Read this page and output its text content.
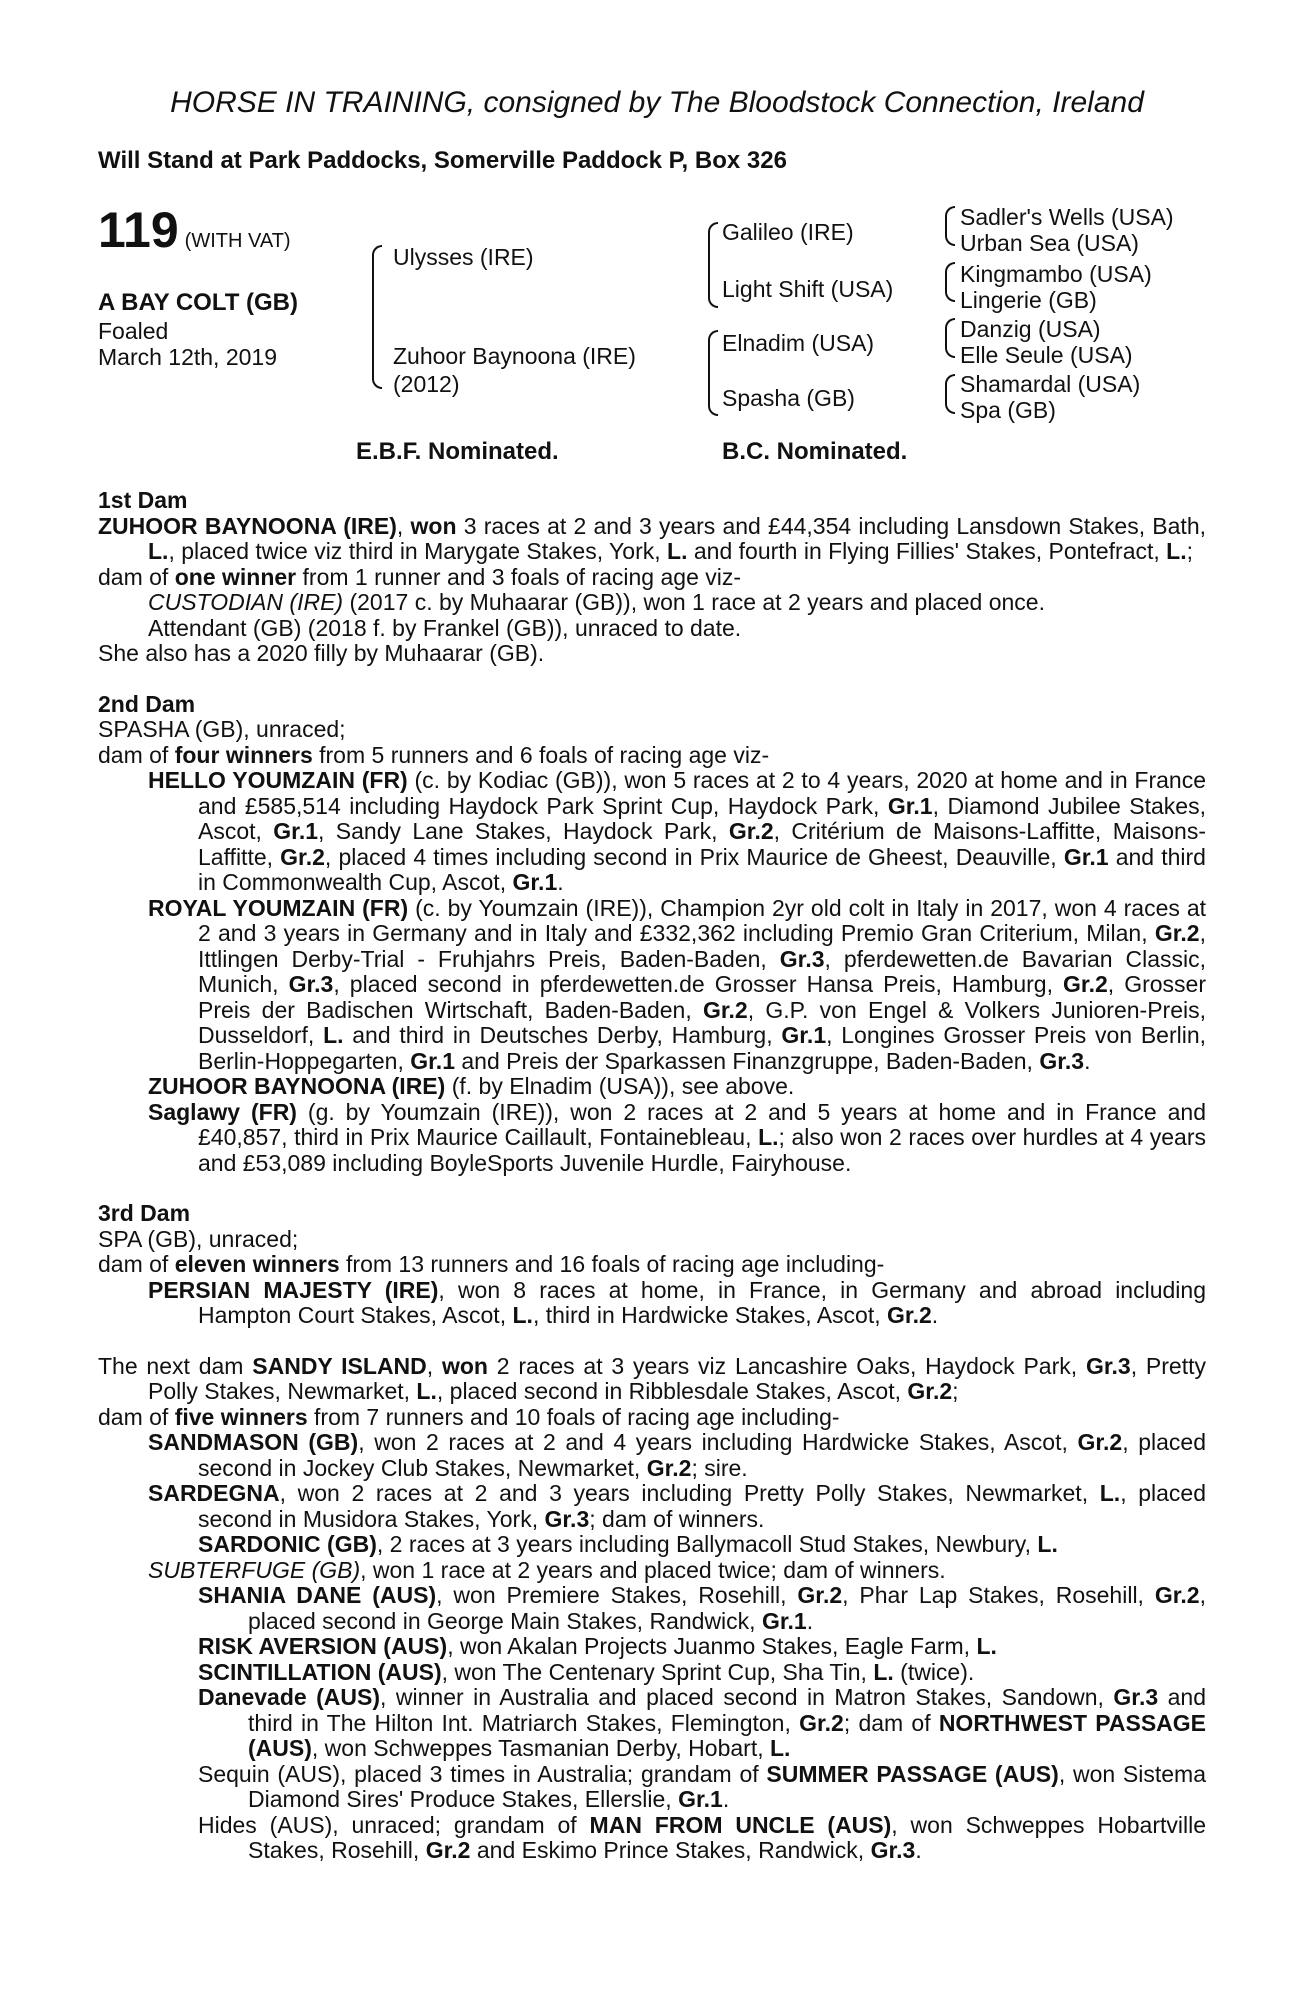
HORSE IN TRAINING, consigned by The Bloodstock Connection, Ireland
Will Stand at Park Paddocks, Somerville Paddock P, Box 326
119 (WITH VAT)
A BAY COLT (GB)
Foaled
March 12th, 2019
Ulysses (IRE)
Zuhoor Baynoona (IRE)
(2012)
Galileo (IRE)
Light Shift (USA)
Elnadim (USA)
Spasha (GB)
Sadler's Wells (USA)
Urban Sea (USA)
Kingmambo (USA)
Lingerie (GB)
Danzig (USA)
Elle Seule (USA)
Shamardal (USA)
Spa (GB)
E.B.F. Nominated.	B.C. Nominated.
1st Dam
ZUHOOR BAYNOONA (IRE), won 3 races at 2 and 3 years and £44,354 including Lansdown Stakes, Bath, L., placed twice viz third in Marygate Stakes, York, L. and fourth in Flying Fillies' Stakes, Pontefract, L.;
dam of one winner from 1 runner and 3 foals of racing age viz-
CUSTODIAN (IRE) (2017 c. by Muhaarar (GB)), won 1 race at 2 years and placed once.
Attendant (GB) (2018 f. by Frankel (GB)), unraced to date.
She also has a 2020 filly by Muhaarar (GB).
2nd Dam
SPASHA (GB), unraced;
dam of four winners from 5 runners and 6 foals of racing age viz-
HELLO YOUMZAIN (FR) (c. by Kodiac (GB)), won 5 races at 2 to 4 years, 2020 at home and in France and £585,514 including Haydock Park Sprint Cup, Haydock Park, Gr.1, Diamond Jubilee Stakes, Ascot, Gr.1, Sandy Lane Stakes, Haydock Park, Gr.2, Critérium de Maisons-Laffitte, Maisons-Laffitte, Gr.2, placed 4 times including second in Prix Maurice de Gheest, Deauville, Gr.1 and third in Commonwealth Cup, Ascot, Gr.1.
ROYAL YOUMZAIN (FR) (c. by Youmzain (IRE)), Champion 2yr old colt in Italy in 2017, won 4 races at 2 and 3 years in Germany and in Italy and £332,362 including Premio Gran Criterium, Milan, Gr.2, Ittlingen Derby-Trial - Fruhjahrs Preis, Baden-Baden, Gr.3, pferdewetten.de Bavarian Classic, Munich, Gr.3, placed second in pferdewetten.de Grosser Hansa Preis, Hamburg, Gr.2, Grosser Preis der Badischen Wirtschaft, Baden-Baden, Gr.2, G.P. von Engel & Volkers Junioren-Preis, Dusseldorf, L. and third in Deutsches Derby, Hamburg, Gr.1, Longines Grosser Preis von Berlin, Berlin-Hoppegarten, Gr.1 and Preis der Sparkassen Finanzgruppe, Baden-Baden, Gr.3.
ZUHOOR BAYNOONA (IRE) (f. by Elnadim (USA)), see above.
Saglawy (FR) (g. by Youmzain (IRE)), won 2 races at 2 and 5 years at home and in France and £40,857, third in Prix Maurice Caillault, Fontainebleau, L.; also won 2 races over hurdles at 4 years and £53,089 including BoyleSports Juvenile Hurdle, Fairyhouse.
3rd Dam
SPA (GB), unraced;
dam of eleven winners from 13 runners and 16 foals of racing age including-
PERSIAN MAJESTY (IRE), won 8 races at home, in France, in Germany and abroad including Hampton Court Stakes, Ascot, L., third in Hardwicke Stakes, Ascot, Gr.2.
The next dam SANDY ISLAND, won 2 races at 3 years viz Lancashire Oaks, Haydock Park, Gr.3, Pretty Polly Stakes, Newmarket, L., placed second in Ribblesdale Stakes, Ascot, Gr.2;
dam of five winners from 7 runners and 10 foals of racing age including-
SANDMASON (GB), won 2 races at 2 and 4 years including Hardwicke Stakes, Ascot, Gr.2, placed second in Jockey Club Stakes, Newmarket, Gr.2; sire.
SARDEGNA, won 2 races at 2 and 3 years including Pretty Polly Stakes, Newmarket, L., placed second in Musidora Stakes, York, Gr.3; dam of winners.
SARDONIC (GB), 2 races at 3 years including Ballymacoll Stud Stakes, Newbury, L.
SUBTERFUGE (GB), won 1 race at 2 years and placed twice; dam of winners.
SHANIA DANE (AUS), won Premiere Stakes, Rosehill, Gr.2, Phar Lap Stakes, Rosehill, Gr.2, placed second in George Main Stakes, Randwick, Gr.1.
RISK AVERSION (AUS), won Akalan Projects Juanmo Stakes, Eagle Farm, L.
SCINTILLATION (AUS), won The Centenary Sprint Cup, Sha Tin, L. (twice).
Danevade (AUS), winner in Australia and placed second in Matron Stakes, Sandown, Gr.3 and third in The Hilton Int. Matriarch Stakes, Flemington, Gr.2; dam of NORTHWEST PASSAGE (AUS), won Schweppes Tasmanian Derby, Hobart, L.
Sequin (AUS), placed 3 times in Australia; grandam of SUMMER PASSAGE (AUS), won Sistema Diamond Sires' Produce Stakes, Ellerslie, Gr.1.
Hides (AUS), unraced; grandam of MAN FROM UNCLE (AUS), won Schweppes Hobartville Stakes, Rosehill, Gr.2 and Eskimo Prince Stakes, Randwick, Gr.3.
